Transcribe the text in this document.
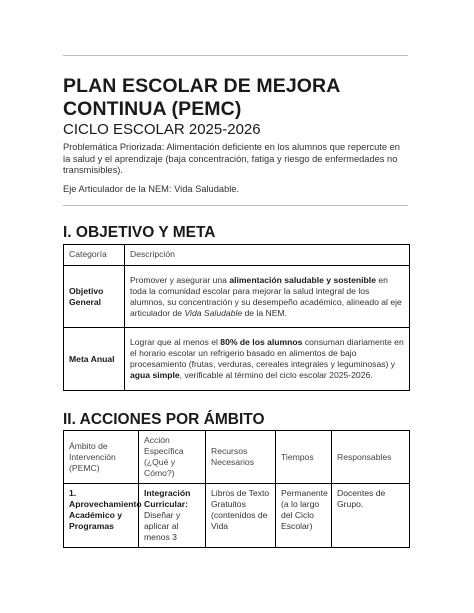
PLAN ESCOLAR DE MEJORA CONTINUA (PEMC)
CICLO ESCOLAR 2025-2026
Problemática Priorizada: Alimentación deficiente en los alumnos que repercute en la salud y el aprendizaje (baja concentración, fatiga y riesgo de enfermedades no transmisibles).
Eje Articulador de la NEM: Vida Saludable.
I. OBJETIVO Y META
Categoría	Descripción
Objetivo General	Promover y asegurar una alimentación saludable y sostenible en toda la comunidad escolar para mejorar la salud integral de los alumnos, su concentración y su desempeño académico, alineado al eje articulador de Vida Saludable de la NEM.
Meta Anual	Lograr que al menos el 80% de los alumnos consuman diariamente en el horario escolar un refrigerio basado en alimentos de bajo procesamiento (frutas, verduras, cereales integrales y leguminosas) y agua simple, verificable al término del ciclo escolar 2025-2026.
II. ACCIONES POR ÁMBITO
Ámbito de Intervención (PEMC)	Acción Específica (¿Qué y Cómo?)	Recursos Necesarios	Tiempos	Responsables
1. Aprovechamiento Académico y Programas	Integración Curricular: Diseñar y aplicar al menos 3	Libros de Texto Gratuitos (contenidos de Vida	Permanente (a lo largo del Ciclo Escolar)	Docentes de Grupo.
